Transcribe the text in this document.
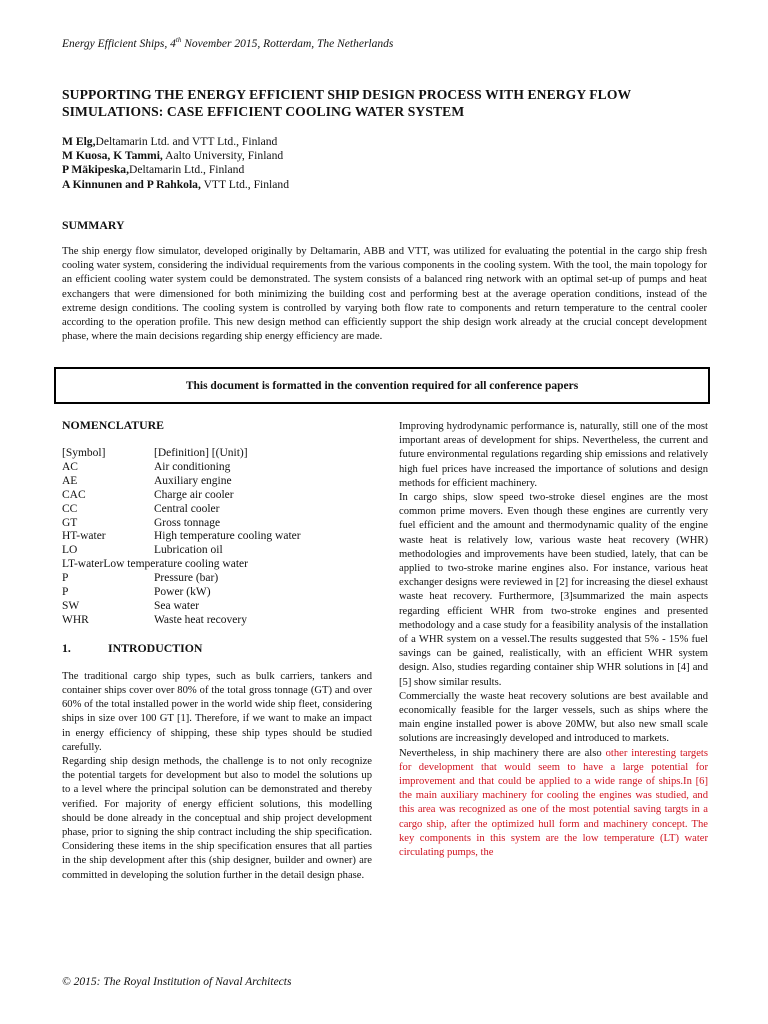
Energy Efficient Ships, 4th November 2015, Rotterdam, The Netherlands
SUPPORTING THE ENERGY EFFICIENT SHIP DESIGN PROCESS WITH ENERGY FLOW SIMULATIONS: CASE EFFICIENT COOLING WATER SYSTEM
M Elg,Deltamarin Ltd. and VTT Ltd., Finland
M Kuosa, K Tammi, Aalto University, Finland
P Mäkipeska,Deltamarin Ltd., Finland
A Kinnunen and P Rahkola, VTT Ltd., Finland
SUMMARY

The ship energy flow simulator, developed originally by Deltamarin, ABB and VTT, was utilized for evaluating the potential in the cargo ship fresh cooling water system, considering the individual requirements from the various components in the cooling system. With the tool, the main topology for an efficient cooling water system could be demonstrated. The system consists of a balanced ring network with an optimal set-up of pumps and heat exchangers that were dimensioned for both minimizing the building cost and performing best at the average operation conditions, instead of the extreme design conditions. The cooling system is controlled by varying both flow rate to components and return temperature to the central cooler according to the operation profile. This new design method can efficiently support the ship design work already at the crucial concept development phase, where the main decisions regarding ship energy efficiency are made.

This document is formatted in the convention required for all conference papers
NOMENCLATURE
[Symbol]	[Definition] [(Unit)]
AC	Air conditioning
AE	Auxiliary engine
CAC	Charge air cooler
CC	Central cooler
GT	Gross tonnage
HT-water	High temperature cooling water
LO	Lubrication oil
LT-water Low temperature cooling water
P	Pressure (bar)
P	Power (kW)
SW	Sea water
WHR	Waste heat recovery
1.	INTRODUCTION

The traditional cargo ship types, such as bulk carriers, tankers and container ships cover over 80% of the total gross tonnage (GT) and over 60% of the total installed power in the world wide ship fleet, considering ships in size over 100 GT [1]. Therefore, if we want to make an impact in energy efficiency of shipping, these ship types should be studied carefully.

Regarding ship design methods, the challenge is to not only recognize the potential targets for development but also to model the solutions up to a level where the principal solution can be demonstrated and thereby verified. For majority of energy efficient solutions, this modelling should be done already in the conceptual and ship project development phase, prior to signing the ship contract including the ship specification. Considering these items in the ship specification ensures that all parties in the ship development after this (ship designer, builder and owner) are committed in developing the solution further in the detail design phase.

Improving hydrodynamic performance is, naturally, still one of the most important areas of development for ships. Nevertheless, the current and future environmental regulations regarding ship emissions and relatively high fuel prices have increased the importance of solutions and design methods for efficient machinery.

In cargo ships, slow speed two-stroke diesel engines are the most common prime movers. Even though these engines are currently very fuel efficient and the amount and thermodynamic quality of the engine waste heat is relatively low, various waste heat recovery (WHR) methodologies and improvements have been studied, lately, that can be applied to two-stroke marine engines also. For instance, various heat exchanger designs were reviewed in [2] for increasing the diesel exhaust waste heat recovery. Furthermore, [3]summarized the main aspects regarding efficient WHR from two-stroke engines and presented methodology and a case study for a feasibility analysis of the installation of a WHR system on a vessel.The results suggested that 5% - 15% fuel savings can be gained, realistically, with an efficient WHR system design. Also, studies regarding container ship WHR solutions in [4] and [5] show similar results.

Commercially the waste heat recovery solutions are best available and economically feasible for the larger vessels, such as ships where the main engine installed power is above 20MW, but also new small scale solutions are increasingly developed and introduced to markets.

Nevertheless, in ship machinery there are also other interesting targets for development that would seem to have a large potential for improvement and that could be applied to a wide range of ships.In [6] the main auxiliary machinery for cooling the engines was studied, and this area was recognized as one of the most potential saving targts in a cargo ship, after the optimized hull form and machinery concept. The key components in this system are the low temperature (LT) water circulating pumps, the

© 2015: The Royal Institution of Naval Architects
